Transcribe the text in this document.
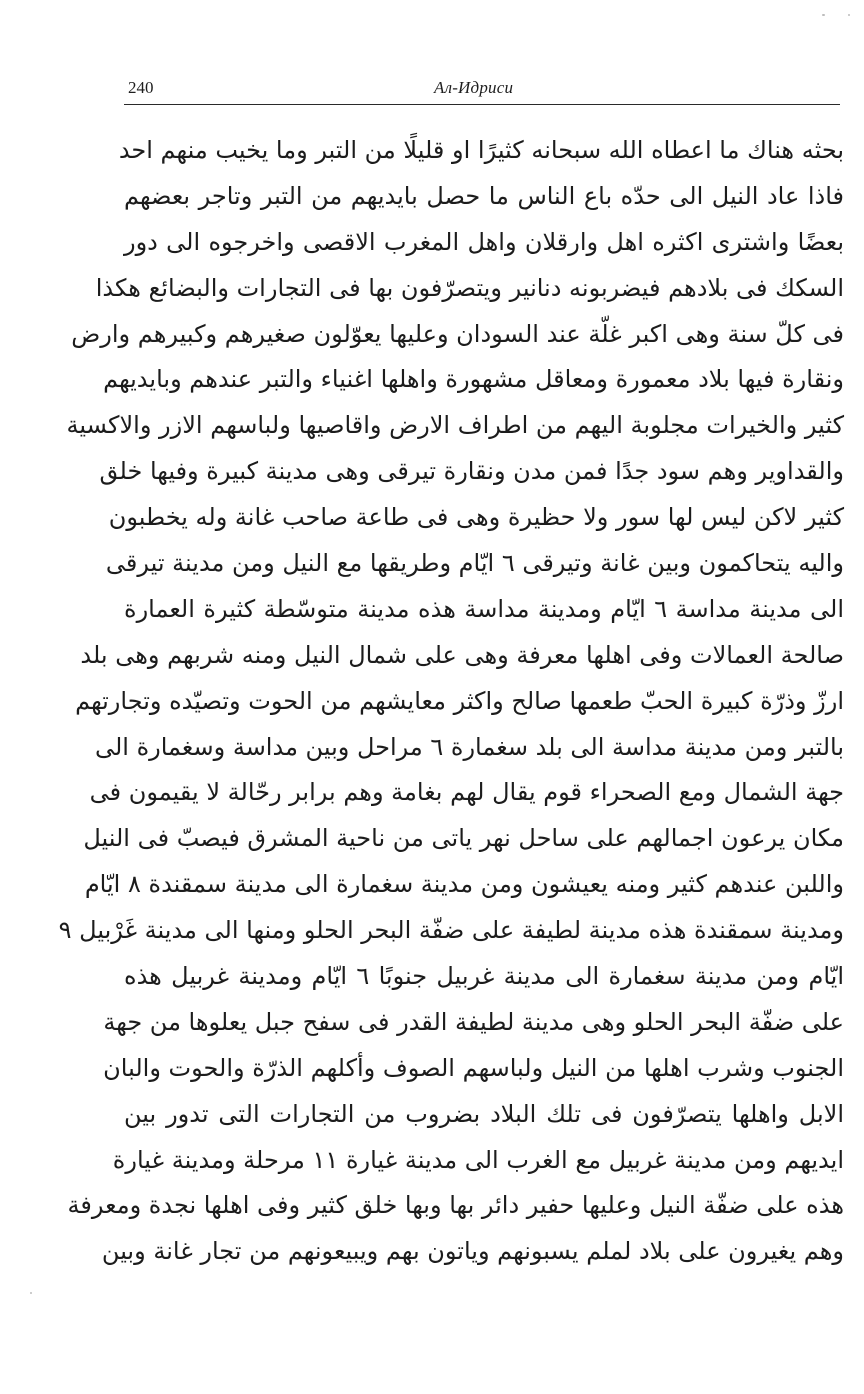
240	Ал-Идриси
بحثه هناك ما اعطاه الله سبحانه كثيرًا او قليلًا من التبر وما يخيب منهم احد
فاذا عاد النيل الى حدّه باع الناس ما حصل بايديهم من التبر وتاجر بعضهم
بعضًا واشترى اكثره اهل وارقلان واهل المغرب الاقصى واخرجوه الى دور
السكك فى بلادهم فيضربونه دنانير ويتصرّفون بها فى التجارات والبضائع هكذا
فى كلّ سنة وهى اكبر غلّة عند السودان وعليها يعوّلون صغيرهم وكبيرهم وارض
ونقارة فيها بلاد معمورة ومعاقل مشهورة واهلها اغنياء والتبر عندهم وبايديهم
كثير والخيرات مجلوبة اليهم من اطراف الارض واقاصيها ولباسهم الازر والاكسية
والقداوير وهم سود جدًا فمن مدن ونقارة تيرقى وهى مدينة كبيرة وفيها خلق
كثير لاكن ليس لها سور ولا حظيرة وهى فى طاعة صاحب غانة وله يخطبون
واليه يتحاكمون وبين غانة وتيرقى ٦ ايّام وطريقها مع النيل ومن مدينة تيرقى
الى مدينة مداسة ٦ ايّام ومدينة مداسة هذه مدينة متوسّطة كثيرة العمارة
صالحة العمالات وفى اهلها معرفة وهى على شمال النيل ومنه شربهم وهى بلد
ارزّ وذرّة كبيرة الحبّ طعمها صالح واكثر معايشهم من الحوت وتصيّده وتجارتهم
بالتبر ومن مدينة مداسة الى بلد سغمارة ٦ مراحل وبين مداسة وسغمارة الى
جهة الشمال ومع الصحراء قوم يقال لهم بغامة وهم برابر رحّالة لا يقيمون فى
مكان يرعون اجمالهم على ساحل نهر ياتى من ناحية المشرق فيصبّ فى النيل
واللبن عندهم كثير ومنه يعيشون ومن مدينة سغمارة الى مدينة سمقندة ٨ ايّام
ومدينة سمقندة هذه مدينة لطيفة على ضفّة البحر الحلو ومنها الى مدينة غَرْبيل ٩
ايّام ومن مدينة سغمارة الى مدينة غربيل جنوبًا ٦ ايّام ومدينة غربيل هذه
على ضفّة البحر الحلو وهى مدينة لطيفة القدر فى سفح جبل يعلوها من جهة
الجنوب وشرب اهلها من النيل ولباسهم الصوف وأكلهم الذرّة والحوت والبان
الابل واهلها يتصرّفون فى تلك البلاد بضروب من التجارات التى تدور بين
ايديهم ومن مدينة غربيل مع الغرب الى مدينة غيارة ١١ مرحلة ومدينة غيارة
هذه على ضفّة النيل وعليها حفير دائر بها وبها خلق كثير وفى اهلها نجدة ومعرفة
وهم يغيرون على بلاد لملم يسبونهم وياتون بهم ويبيعونهم من تجار غانة وبين
